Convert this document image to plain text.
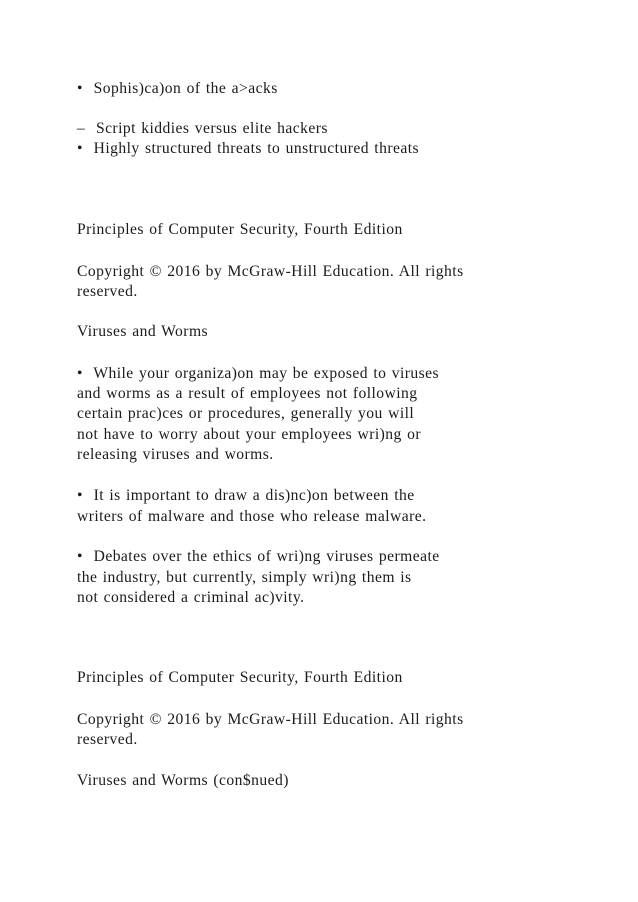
•  Sophis)ca)on of the a>acks
–  Script kiddies versus elite hackers
•  Highly structured threats to unstructured threats
Principles of Computer Security, Fourth Edition
Copyright © 2016 by McGraw-Hill Education. All rights
reserved.
Viruses and Worms
•  While your organiza)on may be exposed to viruses
and worms as a result of employees not following
certain prac)ces or procedures, generally you will
not have to worry about your employees wri)ng or
releasing viruses and worms.
•  It is important to draw a dis)nc)on between the
writers of malware and those who release malware.
•  Debates over the ethics of wri)ng viruses permeate
the industry, but currently, simply wri)ng them is
not considered a criminal ac)vity.
Principles of Computer Security, Fourth Edition
Copyright © 2016 by McGraw-Hill Education. All rights
reserved.
Viruses and Worms (con$nued)
